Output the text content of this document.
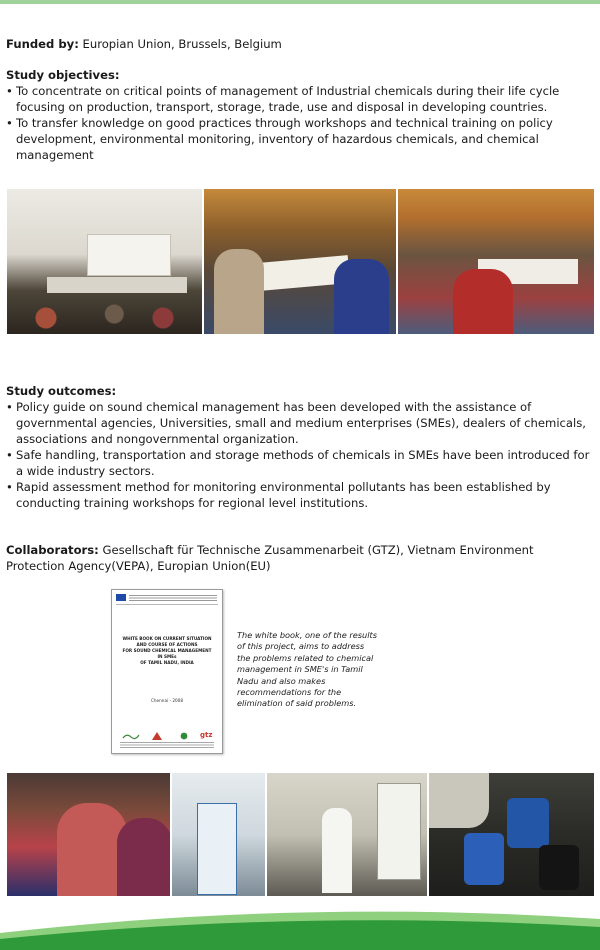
Funded by: Europian Union, Brussels, Belgium
Study objectives:
• To concentrate on critical points of management of Industrial chemicals during their life cycle focusing on production, transport, storage, trade, use and disposal in developing countries.
• To transfer knowledge on good practices through workshops and technical training on policy development, environmental monitoring, inventory of hazardous chemicals, and chemical management
Study outcomes:
• Policy guide on sound chemical management has been developed with the assistance of governmental agencies, Universities, small and medium enterprises (SMEs), dealers of chemicals, associations and nongovernmental organization.
• Safe handling, transportation and storage methods of chemicals in SMEs have been introduced for a wide industry sectors.
• Rapid assessment method for monitoring environmental pollutants has been established by conducting training workshops for regional level institutions.
Collaborators: Gesellschaft für Technische Zusammenarbeit (GTZ), Vietnam Environment Protection Agency(VEPA), Europian Union(EU)
WHITE BOOK ON CURRENT SITUATION
AND COURSE OF ACTIONS
FOR SOUND CHEMICAL MANAGEMENT
IN SMEs
OF TAMIL NADU, INDIA
Chennai - 2008
gtz
The white book, one of the results of this project, aims to address the problems related to chemical management in SME's in Tamil Nadu and also makes recommendations for the elimination of said problems.
